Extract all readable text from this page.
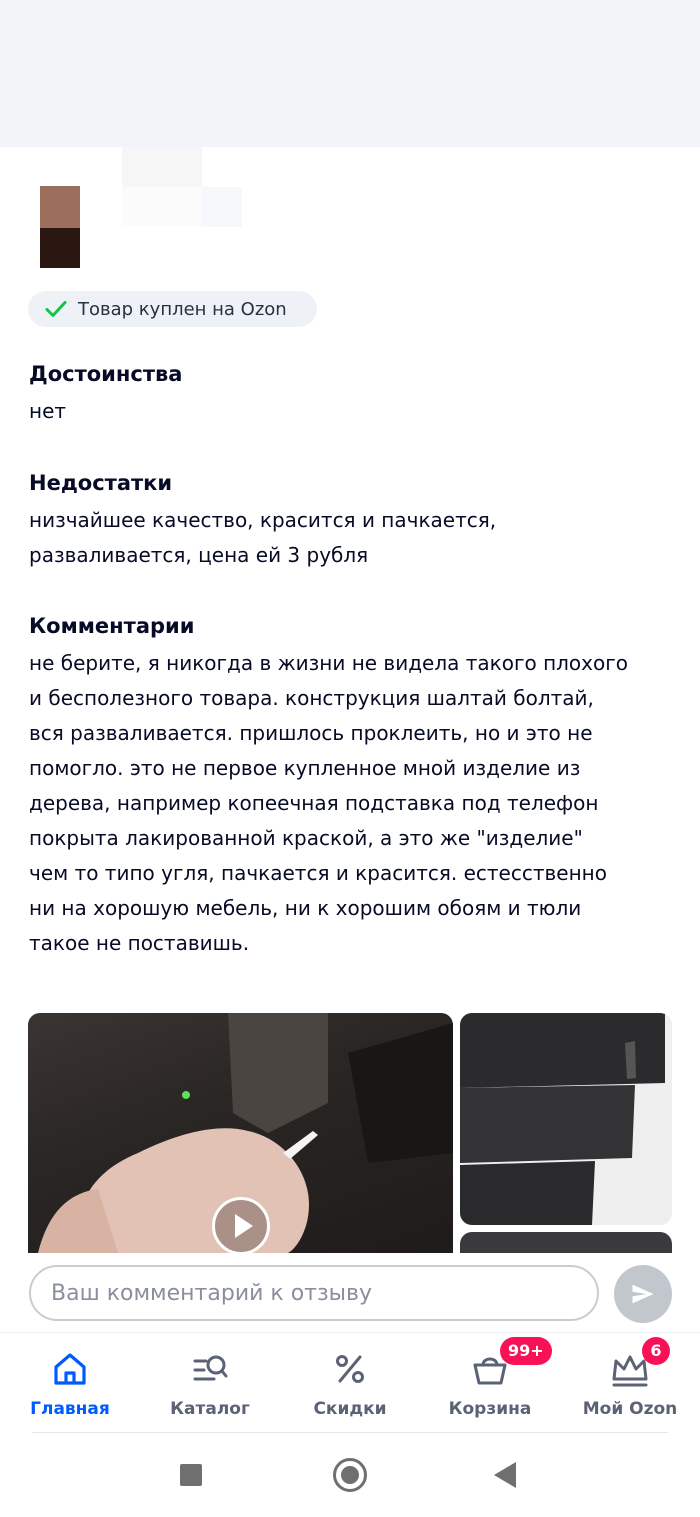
Товар куплен на Ozon

Достоинства

нет

Недостатки

низчайшее качество, красится и пачкается,

разваливается, цена ей 3 рубля

Комментарии

не берите, я никогда в жизни не видела такого плохого

и бесполезного товара. конструкция шалтай болтай,

вся разваливается. пришлось проклеить, но и это не

помогло. это не первое купленное мной изделие из

дерева, например копеечная подставка под телефон

покрыта лакированной краской, а это же "изделие"

чем то типо угля, пачкается и красится. естесственно

ни на хорошую мебель, ни к хорошим обоям и тюли

такое не поставишь.

Ваш комментарий к отзыву
Главная	Каталог	Скидки
99+
Корзина
6
Мой Ozon
